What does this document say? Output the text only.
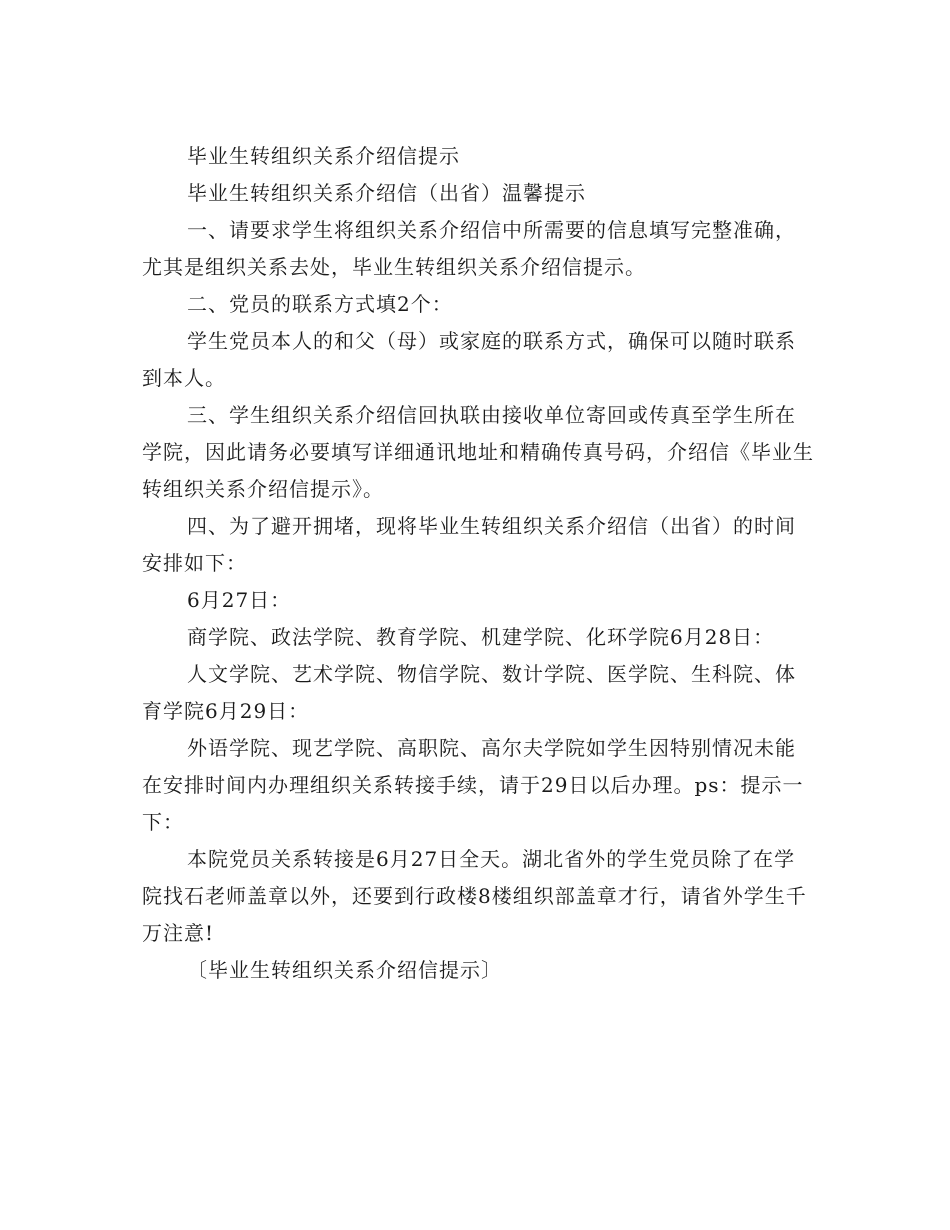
毕业生转组织关系介绍信提示

毕业生转组织关系介绍信（出省）温馨提示

一、请要求学生将组织关系介绍信中所需要的信息填写完整准确，尤其是组织关系去处，毕业生转组织关系介绍信提示。

二、党员的联系方式填2个：

学生党员本人的和父（母）或家庭的联系方式，确保可以随时联系到本人。

三、学生组织关系介绍信回执联由接收单位寄回或传真至学生所在学院，因此请务必要填写详细通讯地址和精确传真号码，介绍信《毕业生转组织关系介绍信提示》。

四、为了避开拥堵，现将毕业生转组织关系介绍信（出省）的时间安排如下：

6月27日：

商学院、政法学院、教育学院、机建学院、化环学院6月28日：

人文学院、艺术学院、物信学院、数计学院、医学院、生科院、体育学院6月29日：

外语学院、现艺学院、高职院、高尔夫学院如学生因特别情况未能在安排时间内办理组织关系转接手续，请于29日以后办理。ps：提示一下：

本院党员关系转接是6月27日全天。湖北省外的学生党员除了在学院找石老师盖章以外，还要到行政楼8楼组织部盖章才行，请省外学生千万注意!

〔毕业生转组织关系介绍信提示〕
